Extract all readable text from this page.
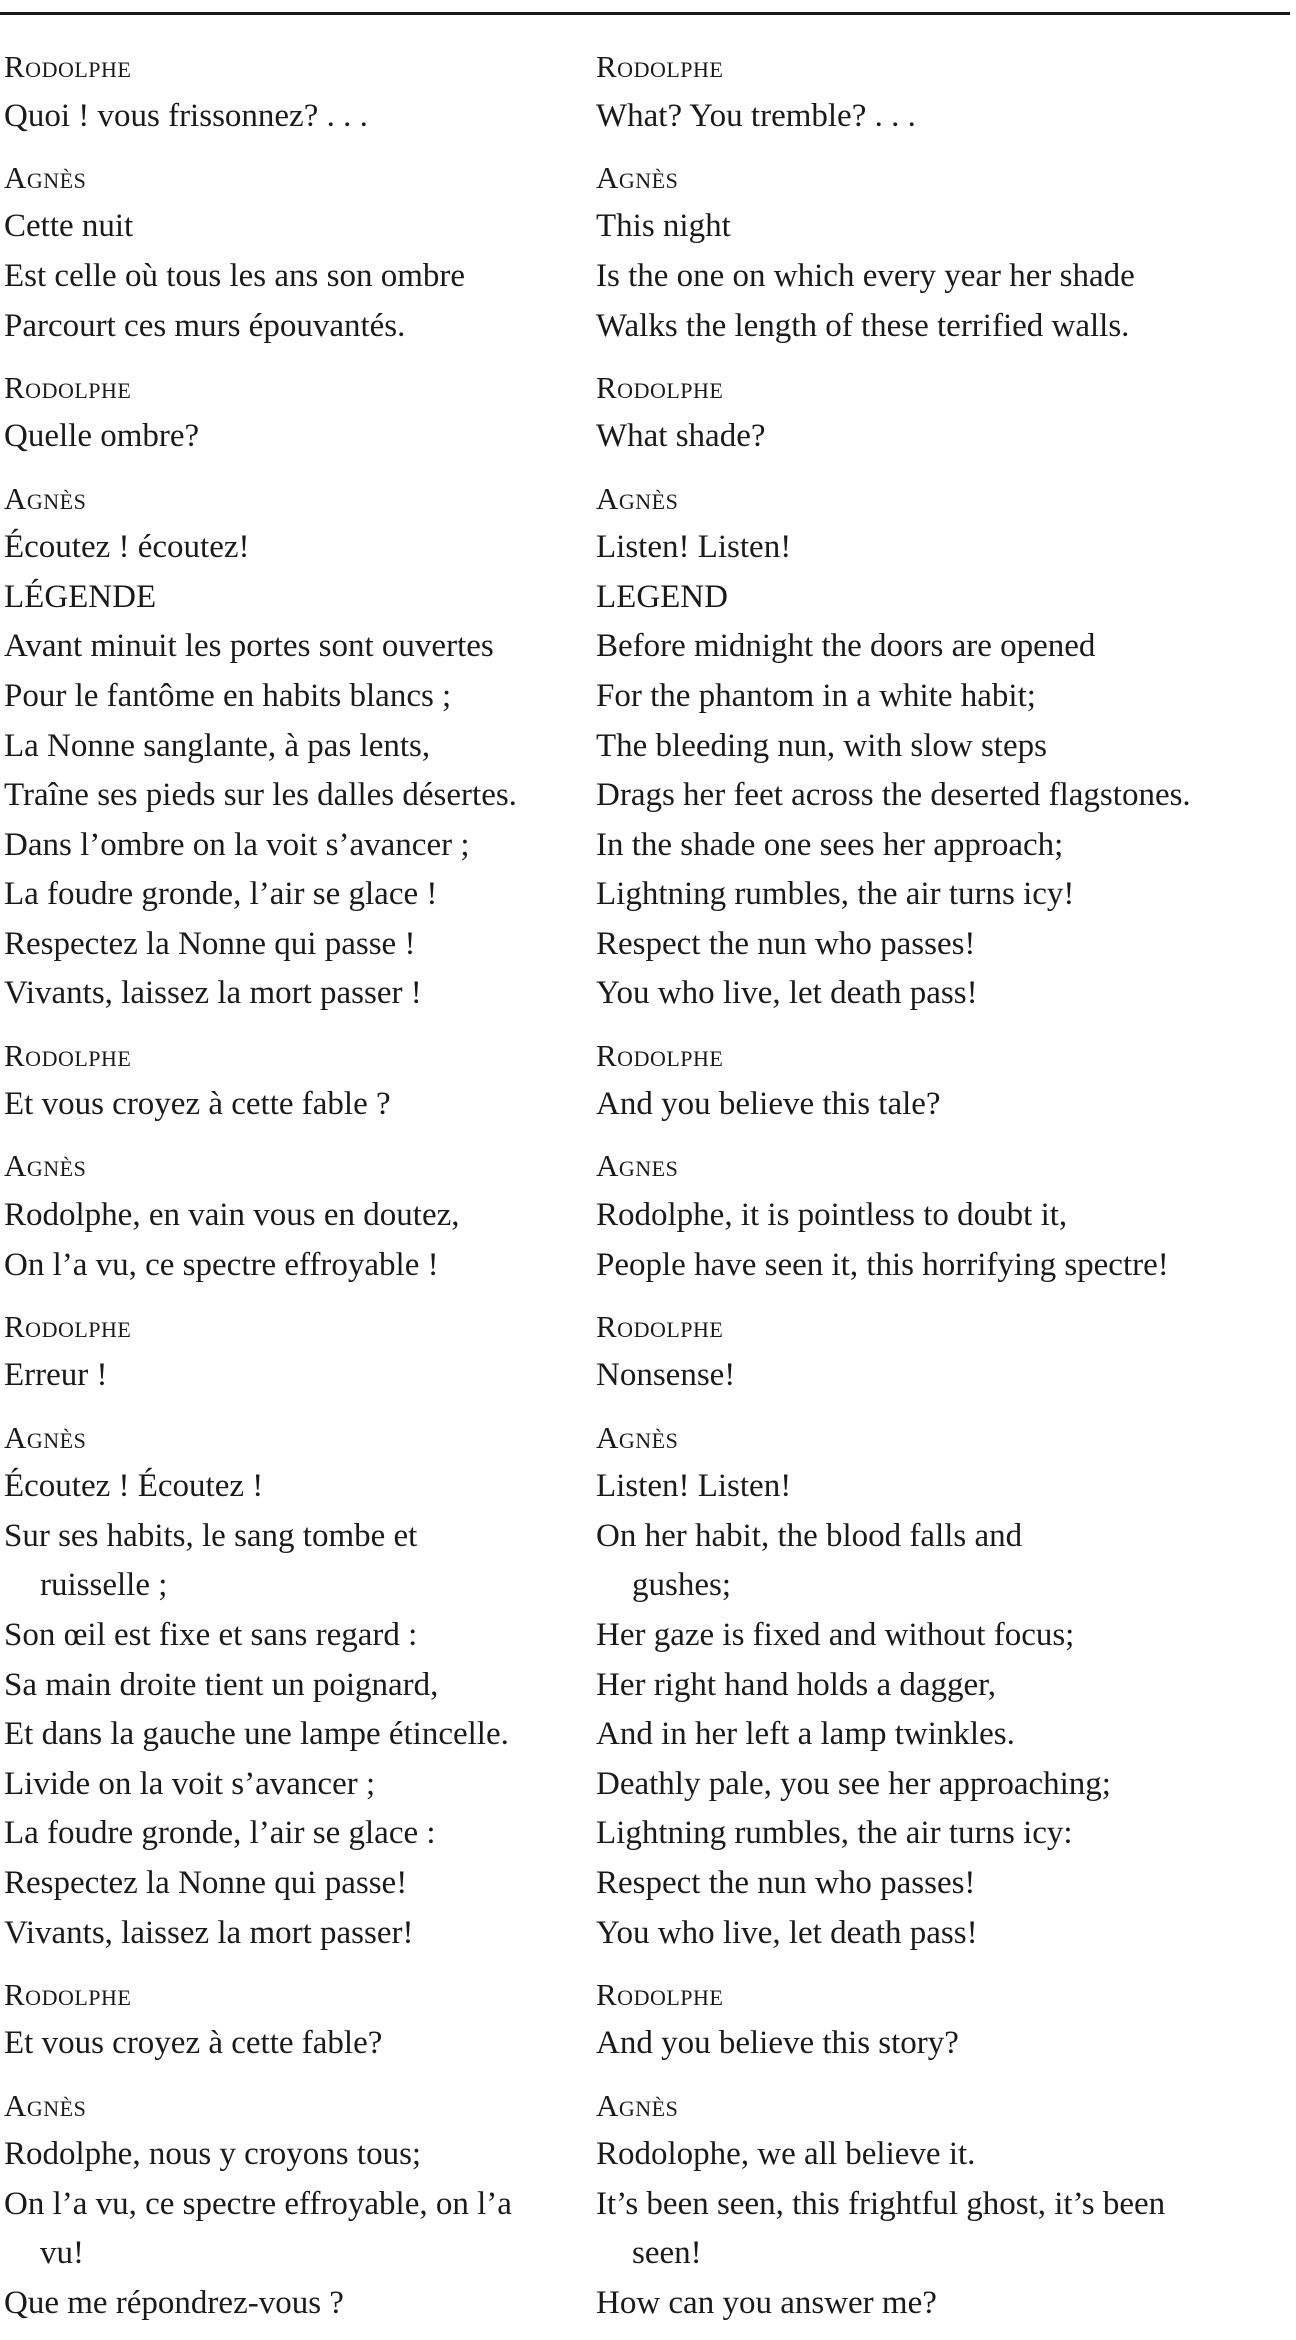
Rodolphe
Quoi ! vous frissonnez? . . .
Agnès
Cette nuit
Est celle où tous les ans son ombre
Parcourt ces murs épouvantés.
Rodolphe
Quelle ombre?
Agnès
Écoutez ! écoutez!
LÉGENDE
Avant minuit les portes sont ouvertes
Pour le fantôme en habits blancs ;
La Nonne sanglante, à pas lents,
Traîne ses pieds sur les dalles désertes.
Dans l’ombre on la voit s’avancer ;
La foudre gronde, l’air se glace !
Respectez la Nonne qui passe !
Vivants, laissez la mort passer !
Rodolphe
Et vous croyez à cette fable ?
Agnès
Rodolphe, en vain vous en doutez,
On l’a vu, ce spectre effroyable !
Rodolphe
Erreur !
Agnès
Écoutez ! Écoutez !
Sur ses habits, le sang tombe et
ruisselle ;
Son œil est fixe et sans regard :
Sa main droite tient un poignard,
Et dans la gauche une lampe étincelle.
Livide on la voit s’avancer ;
La foudre gronde, l’air se glace :
Respectez la Nonne qui passe!
Vivants, laissez la mort passer!
Rodolphe
Et vous croyez à cette fable?
Agnès
Rodolphe, nous y croyons tous;
On l’a vu, ce spectre effroyable, on l’a
vu!
Que me répondrez-vous ?
Rodolphe
What? You tremble? . . .
Agnès
This night
Is the one on which every year her shade
Walks the length of these terrified walls.
Rodolphe
What shade?
Agnès
Listen! Listen!
LEGEND
Before midnight the doors are opened
For the phantom in a white habit;
The bleeding nun, with slow steps
Drags her feet across the deserted flagstones.
In the shade one sees her approach;
Lightning rumbles, the air turns icy!
Respect the nun who passes!
You who live, let death pass!
Rodolphe
And you believe this tale?
Agnes
Rodolphe, it is pointless to doubt it,
People have seen it, this horrifying spectre!
Rodolphe
Nonsense!
Agnès
Listen! Listen!
On her habit, the blood falls and
gushes;
Her gaze is fixed and without focus;
Her right hand holds a dagger,
And in her left a lamp twinkles.
Deathly pale, you see her approaching;
Lightning rumbles, the air turns icy:
Respect the nun who passes!
You who live, let death pass!
Rodolphe
And you believe this story?
Agnès
Rodolophe, we all believe it.
It’s been seen, this frightful ghost, it’s been
seen!
How can you answer me?
